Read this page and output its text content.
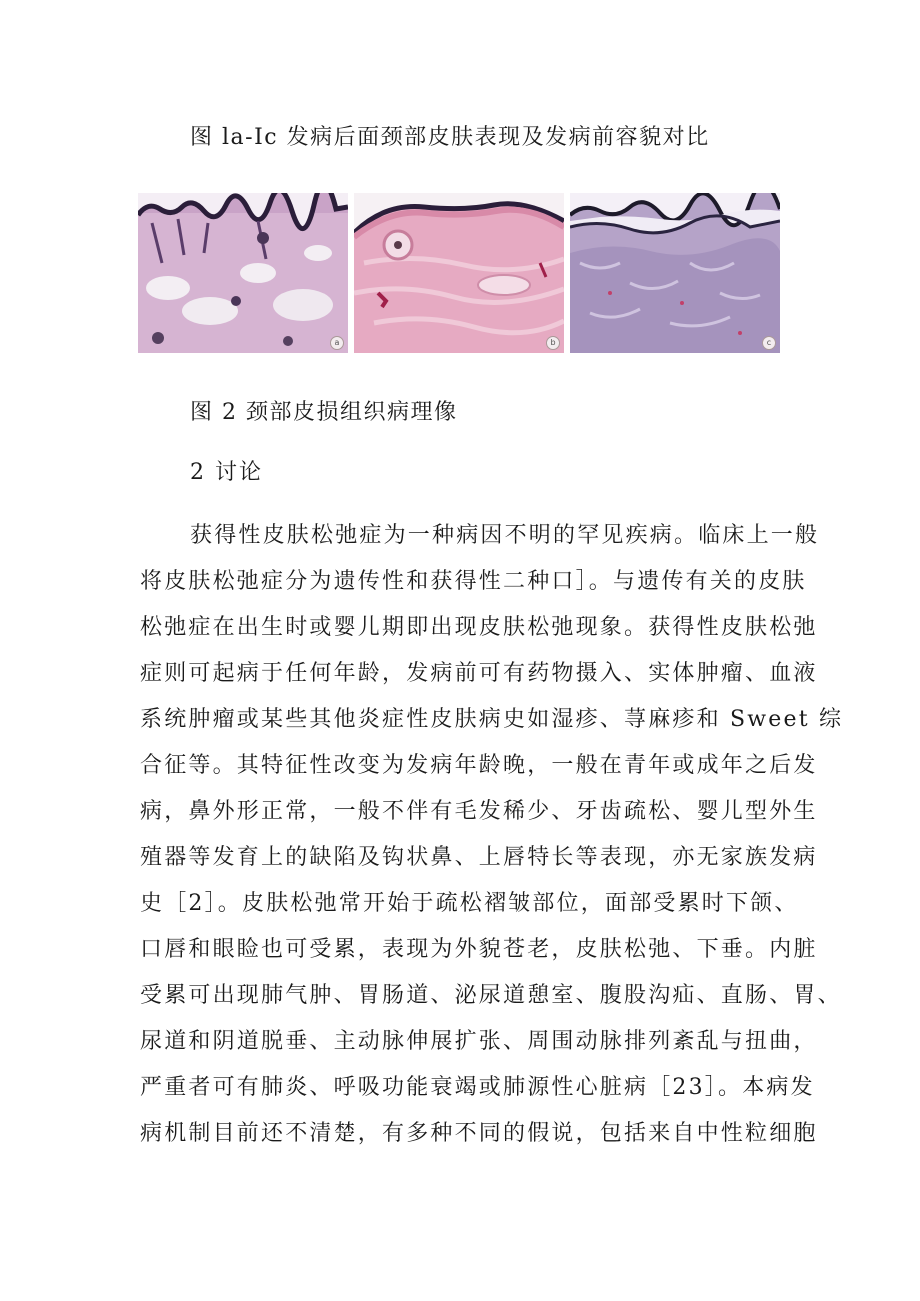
图 la-Ic 发病后面颈部皮肤表现及发病前容貌对比
a	b	c
图 2 颈部皮损组织病理像
2 讨论
获得性皮肤松弛症为一种病因不明的罕见疾病。临床上一般
将皮肤松弛症分为遗传性和获得性二种口］。与遗传有关的皮肤
松弛症在出生时或婴儿期即出现皮肤松弛现象。获得性皮肤松弛
症则可起病于任何年龄，发病前可有药物摄入、实体肿瘤、血液
系统肿瘤或某些其他炎症性皮肤病史如湿疹、荨麻疹和 Sweet 综
合征等。其特征性改变为发病年龄晚，一般在青年或成年之后发
病，鼻外形正常，一般不伴有毛发稀少、牙齿疏松、婴儿型外生
殖器等发育上的缺陷及钩状鼻、上唇特长等表现，亦无家族发病
史［2］。皮肤松弛常开始于疏松褶皱部位，面部受累时下颌、
口唇和眼睑也可受累，表现为外貌苍老，皮肤松弛、下垂。内脏
受累可出现肺气肿、胃肠道、泌尿道憩室、腹股沟疝、直肠、胃、
尿道和阴道脱垂、主动脉伸展扩张、周围动脉排列紊乱与扭曲，
严重者可有肺炎、呼吸功能衰竭或肺源性心脏病［23］。本病发
病机制目前还不清楚，有多种不同的假说，包括来自中性粒细胞
